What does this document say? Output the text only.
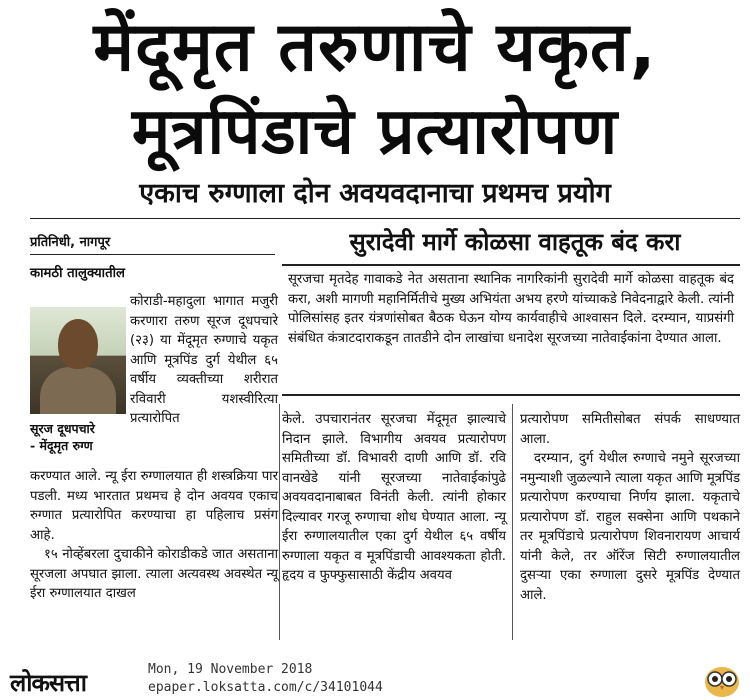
मेंदूमृत तरुणाचे यकृत,
मूत्रपिंडाचे प्रत्यारोपण
एकाच रुग्णाला दोन अवयवदानाचा प्रथमच प्रयोग
प्रतिनिधी, नागपूर	सुरादेवी मार्गे कोळसा वाहतूक बंद करा

सूरजचा मृतदेह गावाकडे नेत असताना स्थानिक नागरिकांनी सुरादेवी मार्गे कोळसा वाहतूक बंद करा, अशी मागणी महानिर्मितीचे मुख्य अभियंता अभय हरणे यांच्याकडे निवेदनाद्वारे केली. त्यांनी पोलिसांसह इतर यंत्रणांसोबत बैठक घेऊन योग्य कार्यवाहीचे आश्वासन दिले. दरम्यान, याप्रसंगी संबंधित कंत्राटदाराकडून तातडीने दोन लाखांचा धनादेश सूरजच्या नातेवाईकांना देण्यात आला.

कामठी तालुक्यातील

सूरज दूधपचारे
- मेंदूमृत रुग्ण

कोराडी-महादुला भागात मजुरी करणारा तरुण सूरज दूधपचारे (२३) या मेंदूमृत रुग्णाचे यकृत आणि मूत्रपिंड दुर्ग येथील ६५ वर्षीय व्यक्तीच्या शरीरात रविवारी यशस्वीरित्या प्रत्यारोपित

करण्यात आले. न्यू ईरा रुग्णालयात ही शस्त्रक्रिया पार पडली. मध्य भारतात प्रथमच हे दोन अवयव एकाच रुग्णात प्रत्यारोपित करण्याचा हा पहिलाच प्रसंग आहे.

१५ नोव्हेंबरला दुचाकीने कोराडीकडे जात असताना सूरजला अपघात झाला. त्याला अत्यवस्थ अवस्थेत न्यू ईरा रुग्णालयात दाखल

केले. उपचारानंतर सूरजचा मेंदूमृत झाल्याचे निदान झाले. विभागीय अवयव प्रत्यारोपण समितीच्या डॉ. विभावरी दाणी आणि डॉ. रवि वानखेडे यांनी सूरजच्या नातेवाईकांपुढे अवयवदानाबाबत विनंती केली. त्यांनी होकार दिल्यावर गरजू रुग्णाचा शोध घेण्यात आला. न्यू ईरा रुग्णालयातील एका दुर्ग येथील ६५ वर्षीय रुग्णाला यकृत व मूत्रपिंडाची आवश्यकता होती. हृदय व फुफ्फुसासाठी केंद्रीय अवयव

प्रत्यारोपण समितीसोबत संपर्क साधण्यात आला.

दरम्यान, दुर्ग येथील रुग्णाचे नमुने सूरजच्या नमुन्याशी जुळल्याने त्याला यकृत आणि मूत्रपिंड प्रत्यारोपण करण्याचा निर्णय झाला. यकृताचे प्रत्यारोपण डॉ. राहुल सक्सेना आणि पथकाने तर मूत्रपिंडाचे प्रत्यारोपण शिवनारायण आचार्य यांनी केले, तर ऑरेंज सिटी रुग्णालयातील दुसऱ्या एका रुग्णाला दुसरे मूत्रपिंड देण्यात आले.

लोकसत्ता	Mon, 19 November 2018
epaper.loksatta.com/c/34101044
